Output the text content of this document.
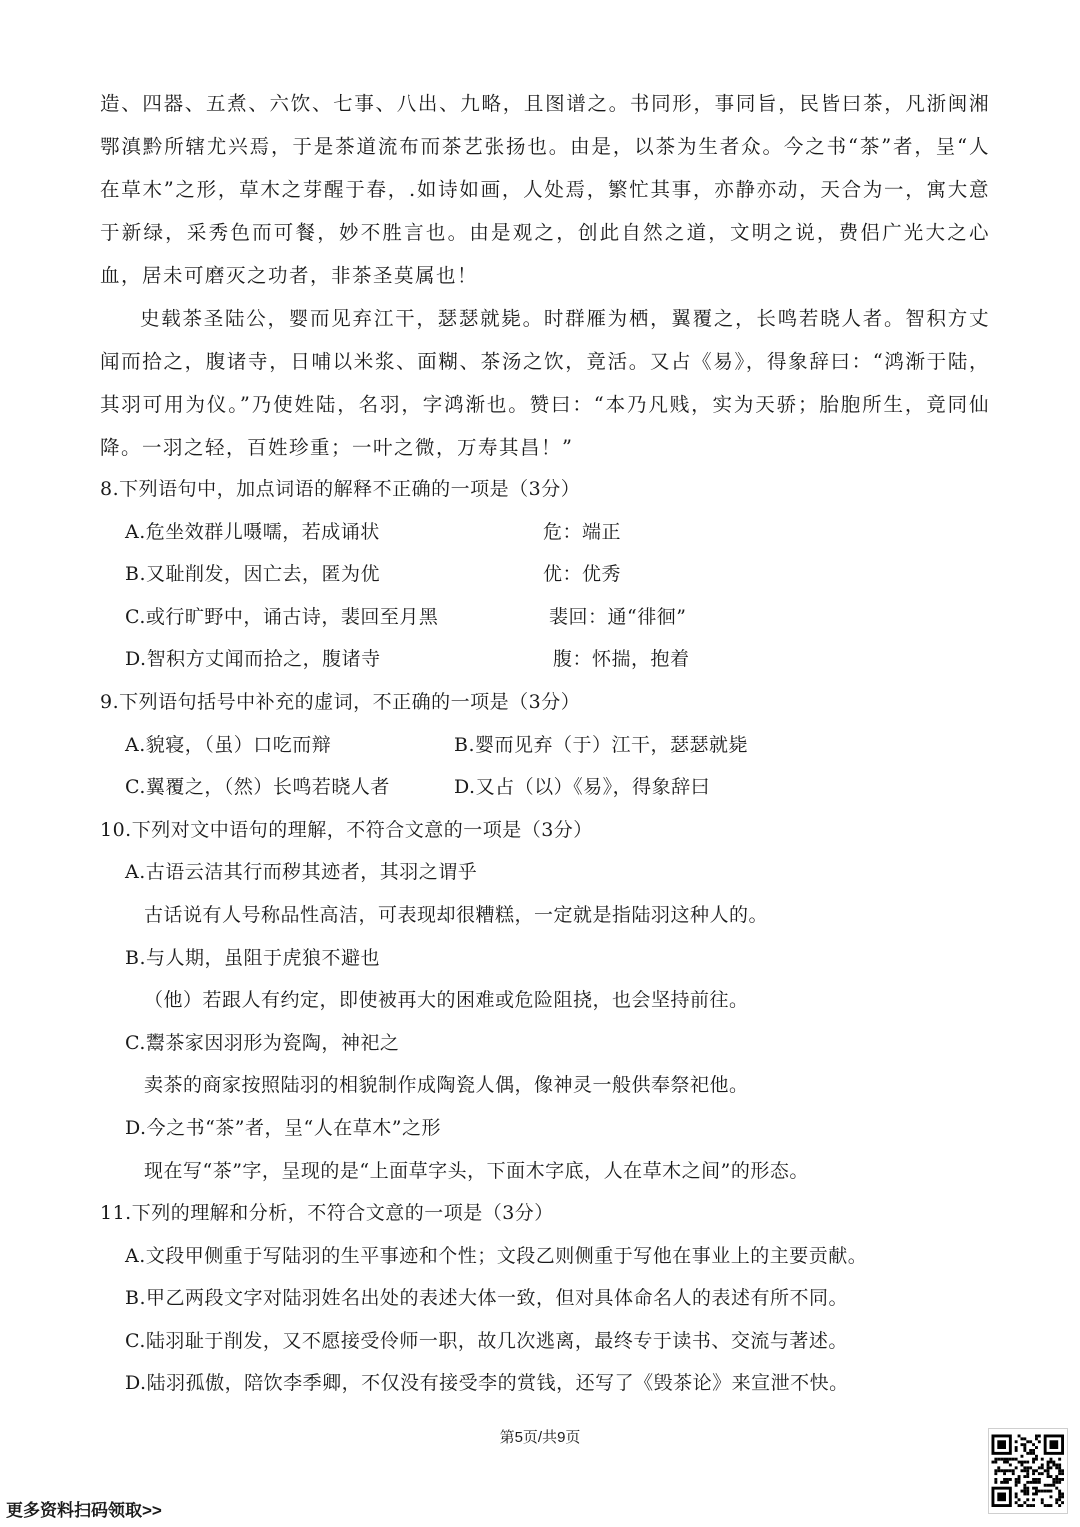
造、四器、五煮、六饮、七事、八出、九略，且图谱之。书同形，事同旨，民皆曰茶，凡浙闽湘鄂滇黔所辖尤兴焉，于是茶道流布而茶艺张扬也。由是，以茶为生者众。今之书“茶”者，呈“人在草木”之形，草木之芽醒于春，.如诗如画，人处焉，繁忙其事，亦静亦动，天合为一，寓大意于新绿，采秀色而可餐，妙不胜言也。由是观之，创此自然之道，文明之说，费侣广光大之心血，居未可磨灭之功者，非茶圣莫属也！

史载茶圣陆公，婴而见弃江干，瑟瑟就毙。时群雁为栖，翼覆之，长鸣若晓人者。智积方丈闻而拾之，腹诸寺，日哺以米浆、面糊、茶汤之饮，竟活。又占《易》，得象辞曰：“鸿渐于陆，其羽可用为仪。”乃使姓陆，名羽，字鸿渐也。赞曰：“本乃凡贱，实为天骄；胎胞所生，竟同仙降。一羽之轻，百姓珍重；一叶之微，万寿其昌！”

8.下列语句中，加点词语的解释不正确的一项是（3分）
A.危坐效群儿嗫嚅，若成诵状	危：端正
B.又耻削发，因亡去，匿为优	优：优秀
C.或行旷野中，诵古诗，裴回至月黑	裴回：通“徘徊”
D.智积方丈闻而拾之，腹诸寺	腹：怀揣，抱着
9.下列语句括号中补充的虚词，不正确的一项是（3分）
A.貌寝，（虽）口吃而辩	B.婴而见弃（于）江干，瑟瑟就毙
C.翼覆之，（然）长鸣若晓人者	D.又占（以）《易》，得象辞曰
10.下列对文中语句的理解，不符合文意的一项是（3分）
A.古语云洁其行而秽其迹者，其羽之谓乎
古话说有人号称品性高洁，可表现却很糟糕，一定就是指陆羽这种人的。
B.与人期，虽阻于虎狼不避也
（他）若跟人有约定，即使被再大的困难或危险阻挠，也会坚持前往。
C.鬻茶家因羽形为瓷陶，神祀之
卖茶的商家按照陆羽的相貌制作成陶瓷人偶，像神灵一般供奉祭祀他。
D.今之书“茶”者，呈“人在草木”之形
现在写“茶”字，呈现的是“上面草字头，下面木字底，人在草木之间”的形态。
11.下列的理解和分析，不符合文意的一项是（3分）
A.文段甲侧重于写陆羽的生平事迹和个性；文段乙则侧重于写他在事业上的主要贡献。
B.甲乙两段文字对陆羽姓名出处的表述大体一致，但对具体命名人的表述有所不同。
C.陆羽耻于削发，又不愿接受伶师一职，故几次逃离，最终专于读书、交流与著述。
D.陆羽孤傲，陪饮李季卿，不仅没有接受李的赏钱，还写了《毁茶论》来宣泄不快。
第5页/共9页
更多资料扫码领取>>
